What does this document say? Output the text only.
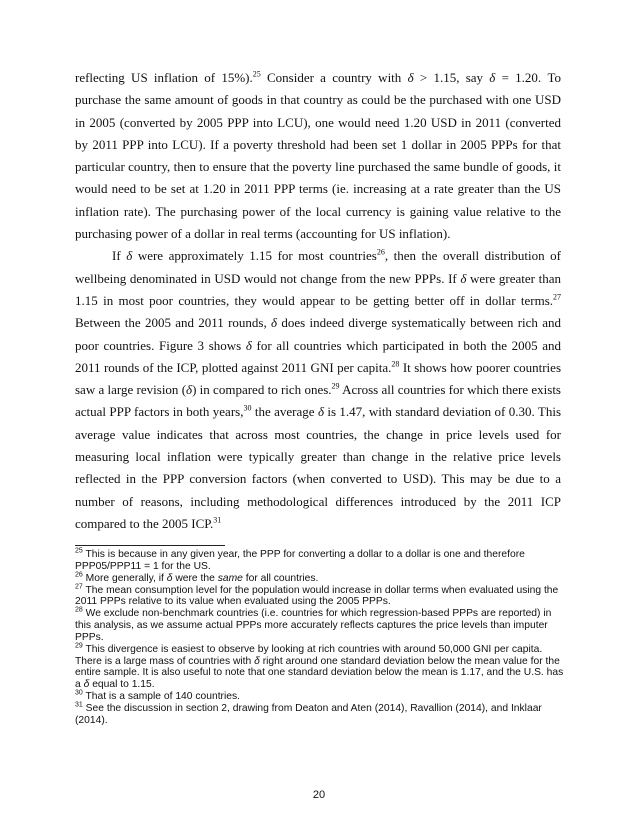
reflecting US inflation of 15%).$^{25}$ Consider a country with δ > 1.15, say δ = 1.20. To purchase the same amount of goods in that country as could be the purchased with one USD in 2005 (converted by 2005 PPP into LCU), one would need 1.20 USD in 2011 (converted by 2011 PPP into LCU). If a poverty threshold had been set 1 dollar in 2005 PPPs for that particular country, then to ensure that the poverty line purchased the same bundle of goods, it would need to be set at 1.20 in 2011 PPP terms (ie. increasing at a rate greater than the US inflation rate). The purchasing power of the local currency is gaining value relative to the purchasing power of a dollar in real terms (accounting for US inflation).

If δ were approximately 1.15 for most countries$^{26}$, then the overall distribution of wellbeing denominated in USD would not change from the new PPPs. If δ were greater than 1.15 in most poor countries, they would appear to be getting better off in dollar terms.$^{27}$ Between the 2005 and 2011 rounds, δ does indeed diverge systematically between rich and poor countries. Figure 3 shows δ for all countries which participated in both the 2005 and 2011 rounds of the ICP, plotted against 2011 GNI per capita.$^{28}$ It shows how poorer countries saw a large revision (δ) in compared to rich ones.$^{29}$ Across all countries for which there exists actual PPP factors in both years,$^{30}$ the average δ is 1.47, with standard deviation of 0.30. This average value indicates that across most countries, the change in price levels used for measuring local inflation were typically greater than change in the relative price levels reflected in the PPP conversion factors (when converted to USD). This may be due to a number of reasons, including methodological differences introduced by the 2011 ICP compared to the 2005 ICP.$^{31}$

$^{25}$ This is because in any given year, the PPP for converting a dollar to a dollar is one and therefore PPP05/PPP11 = 1 for the US.

$^{26}$ More generally, if δ were the same for all countries.

$^{27}$ The mean consumption level for the population would increase in dollar terms when evaluated using the 2011 PPPs relative to its value when evaluated using the 2005 PPPs.

$^{28}$ We exclude non-benchmark countries (i.e. countries for which regression-based PPPs are reported) in this analysis, as we assume actual PPPs more accurately reflects captures the price levels than imputer PPPs.

$^{29}$ This divergence is easiest to observe by looking at rich countries with around 50,000 GNI per capita. There is a large mass of countries with δ right around one standard deviation below the mean value for the entire sample. It is also useful to note that one standard deviation below the mean is 1.17, and the U.S. has a δ equal to 1.15.

$^{30}$ That is a sample of 140 countries.

$^{31}$ See the discussion in section 2, drawing from Deaton and Aten (2014), Ravallion (2014), and Inklaar (2014).

20
